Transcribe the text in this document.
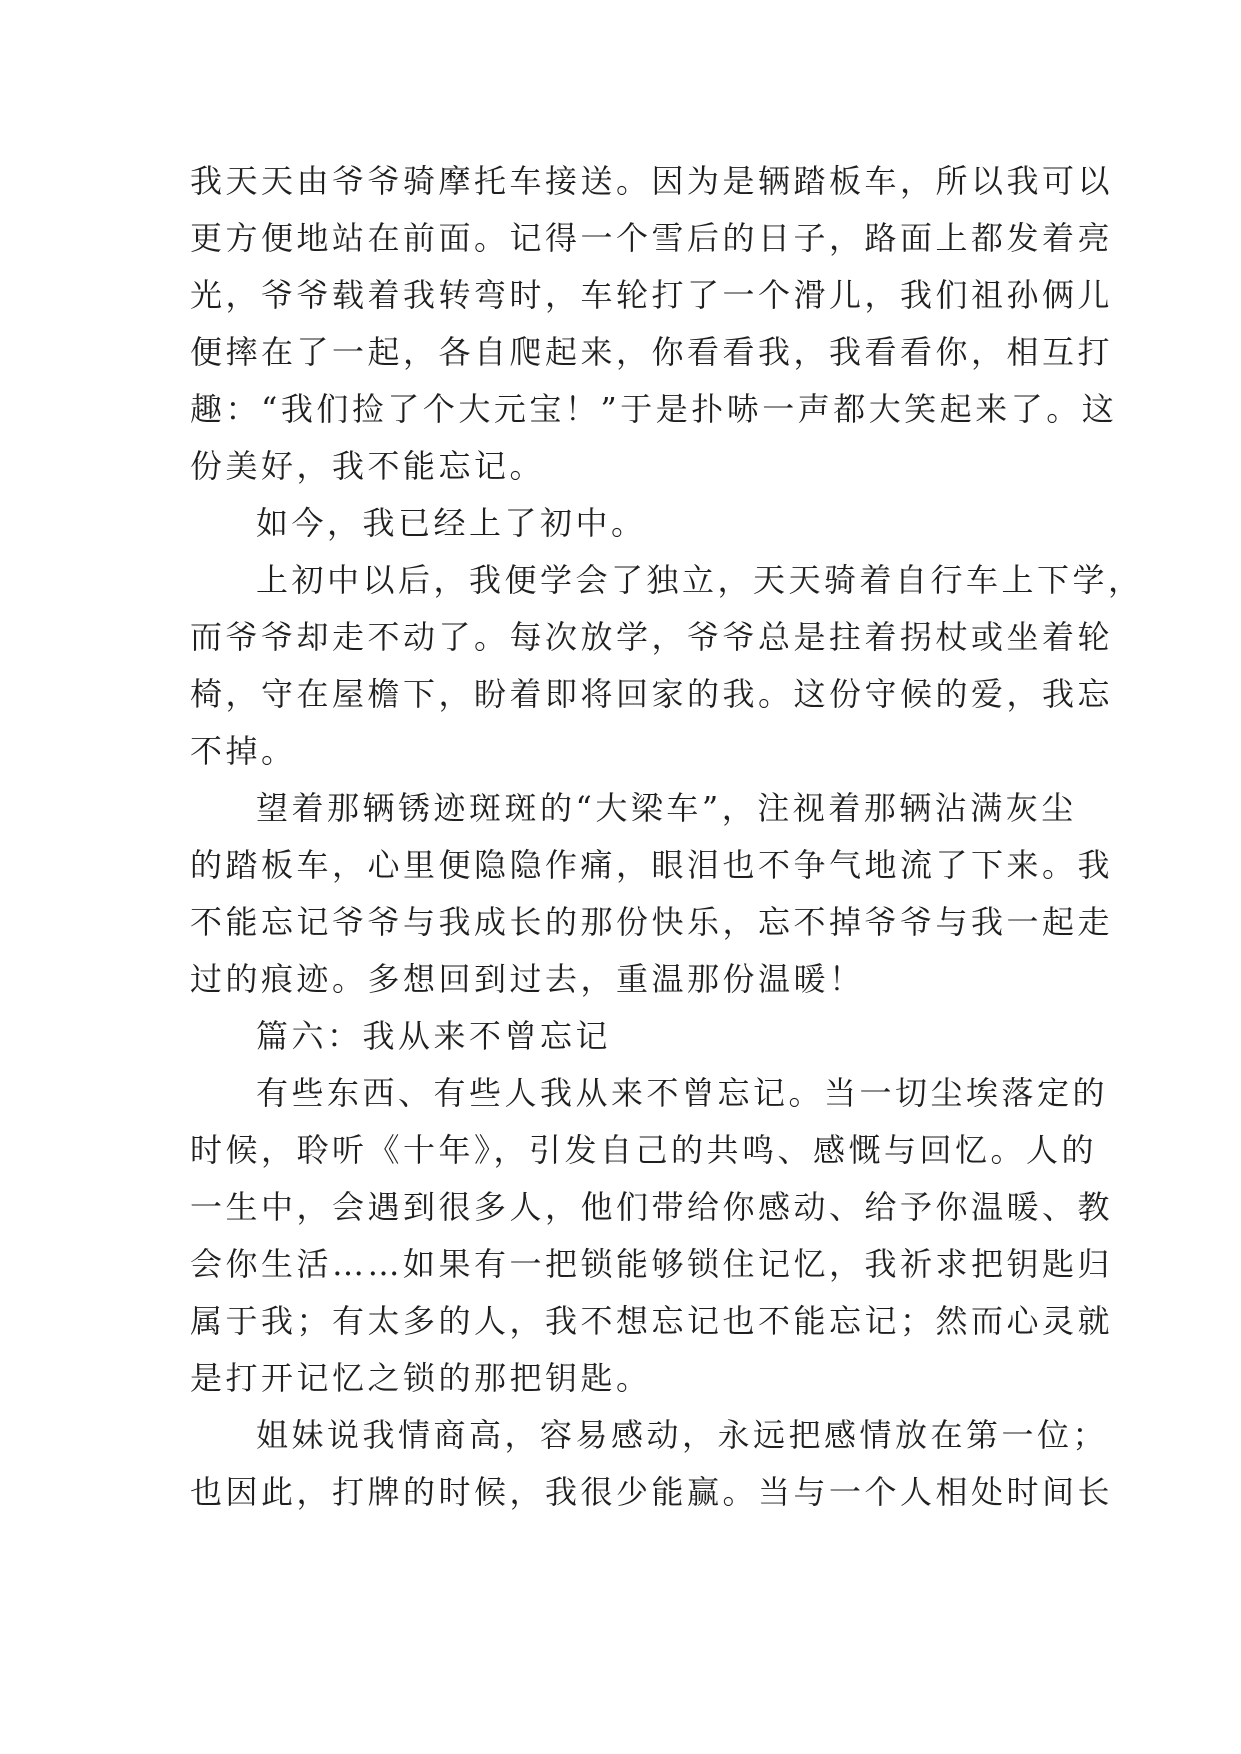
我天天由爷爷骑摩托车接送。因为是辆踏板车，所以我可以
更方便地站在前面。记得一个雪后的日子，路面上都发着亮
光，爷爷载着我转弯时，车轮打了一个滑儿，我们祖孙俩儿
便摔在了一起，各自爬起来，你看看我，我看看你，相互打
趣：“我们捡了个大元宝！”于是扑哧一声都大笑起来了。这
份美好，我不能忘记。
如今，我已经上了初中。
上初中以后，我便学会了独立，天天骑着自行车上下学，
而爷爷却走不动了。每次放学，爷爷总是拄着拐杖或坐着轮
椅，守在屋檐下，盼着即将回家的我。这份守候的爱，我忘
不掉。
望着那辆锈迹斑斑的“大梁车”，注视着那辆沾满灰尘
的踏板车，心里便隐隐作痛，眼泪也不争气地流了下来。我
不能忘记爷爷与我成长的那份快乐，忘不掉爷爷与我一起走
过的痕迹。多想回到过去，重温那份温暖！
篇六：我从来不曾忘记
有些东西、有些人我从来不曾忘记。当一切尘埃落定的
时候，聆听《十年》，引发自己的共鸣、感慨与回忆。人的
一生中，会遇到很多人，他们带给你感动、给予你温暖、教
会你生活……如果有一把锁能够锁住记忆，我祈求把钥匙归
属于我；有太多的人，我不想忘记也不能忘记；然而心灵就
是打开记忆之锁的那把钥匙。
姐妹说我情商高，容易感动，永远把感情放在第一位；
也因此，打牌的时候，我很少能赢。当与一个人相处时间长
